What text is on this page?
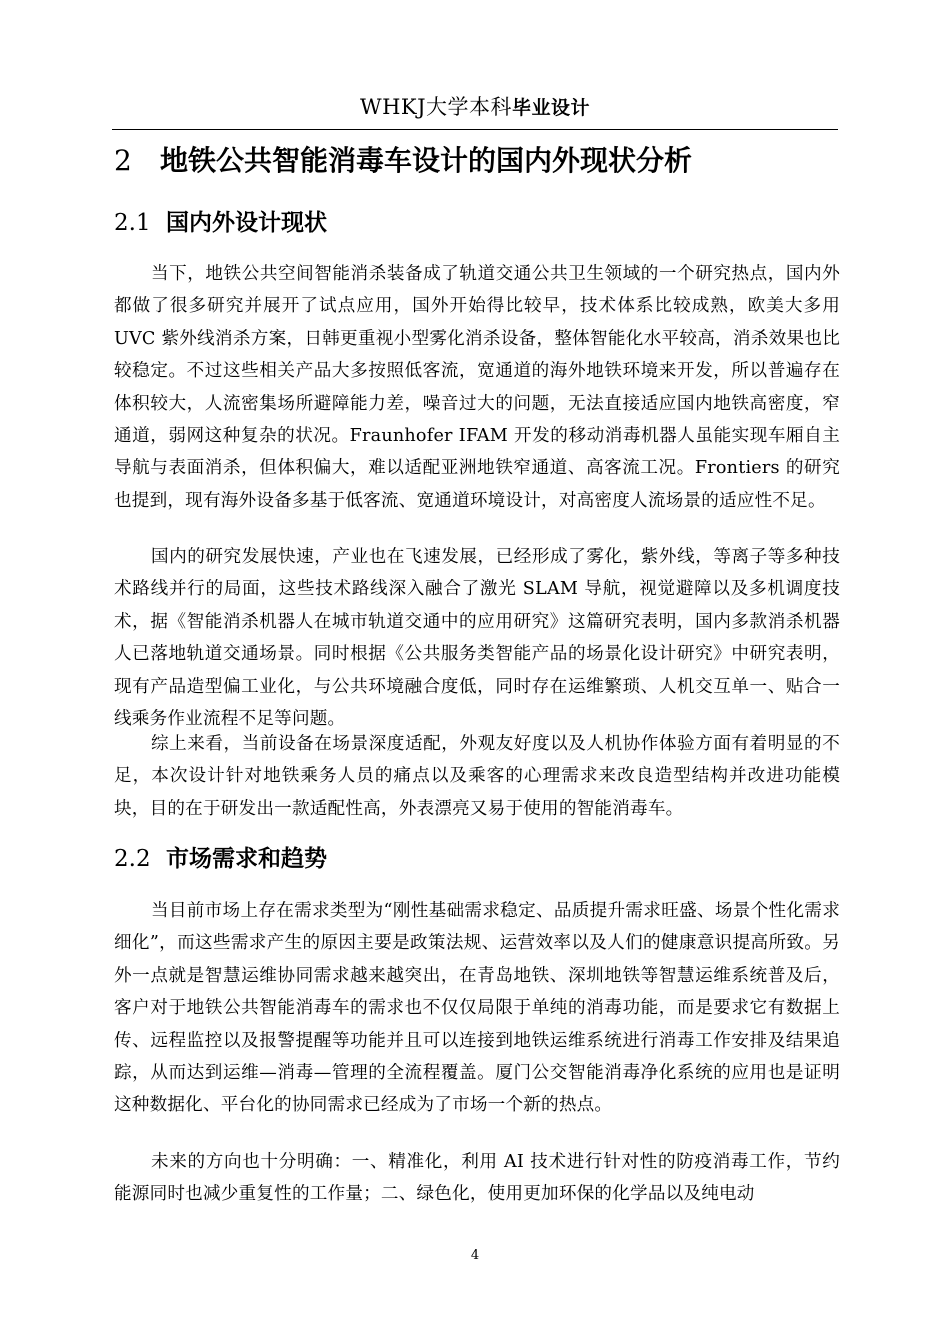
WHKJ大学本科毕业设计
2 地铁公共智能消毒车设计的国内外现状分析
2.1 国内外设计现状

当下，地铁公共空间智能消杀装备成了轨道交通公共卫生领域的一个研究热点，国内外都做了很多研究并展开了试点应用，国外开始得比较早，技术体系比较成熟，欧美大多用 UVC 紫外线消杀方案，日韩更重视小型雾化消杀设备，整体智能化水平较高，消杀效果也比较稳定。不过这些相关产品大多按照低客流，宽通道的海外地铁环境来开发，所以普遍存在体积较大，人流密集场所避障能力差，噪音过大的问题，无法直接适应国内地铁高密度，窄通道，弱网这种复杂的状况。Fraunhofer IFAM 开发的移动消毒机器人虽能实现车厢自主导航与表面消杀，但体积偏大，难以适配亚洲地铁窄通道、高客流工况。Frontiers 的研究也提到，现有海外设备多基于低客流、宽通道环境设计，对高密度人流场景的适应性不足。

国内的研究发展快速，产业也在飞速发展，已经形成了雾化，紫外线，等离子等多种技术路线并行的局面，这些技术路线深入融合了激光 SLAM 导航，视觉避障以及多机调度技术，据《智能消杀机器人在城市轨道交通中的应用研究》这篇研究表明，国内多款消杀机器人已落地轨道交通场景。同时根据《公共服务类智能产品的场景化设计研究》中研究表明，现有产品造型偏工业化，与公共环境融合度低，同时存在运维繁琐、人机交互单一、贴合一线乘务作业流程不足等问题。

综上来看，当前设备在场景深度适配，外观友好度以及人机协作体验方面有着明显的不足，本次设计针对地铁乘务人员的痛点以及乘客的心理需求来改良造型结构并改进功能模块，目的在于研发出一款适配性高，外表漂亮又易于使用的智能消毒车。

2.2 市场需求和趋势

当目前市场上存在需求类型为“刚性基础需求稳定、品质提升需求旺盛、场景个性化需求细化”，而这些需求产生的原因主要是政策法规、运营效率以及人们的健康意识提高所致。另外一点就是智慧运维协同需求越来越突出，在青岛地铁、深圳地铁等智慧运维系统普及后，客户对于地铁公共智能消毒车的需求也不仅仅局限于单纯的消毒功能，而是要求它有数据上传、远程监控以及报警提醒等功能并且可以连接到地铁运维系统进行消毒工作安排及结果追踪，从而达到运维—消毒—管理的全流程覆盖。厦门公交智能消毒净化系统的应用也是证明这种数据化、平台化的协同需求已经成为了市场一个新的热点。

未来的方向也十分明确：一、精准化，利用 AI 技术进行针对性的防疫消毒工作，节约能源同时也减少重复性的工作量；二、绿色化，使用更加环保的化学品以及纯电动

4
